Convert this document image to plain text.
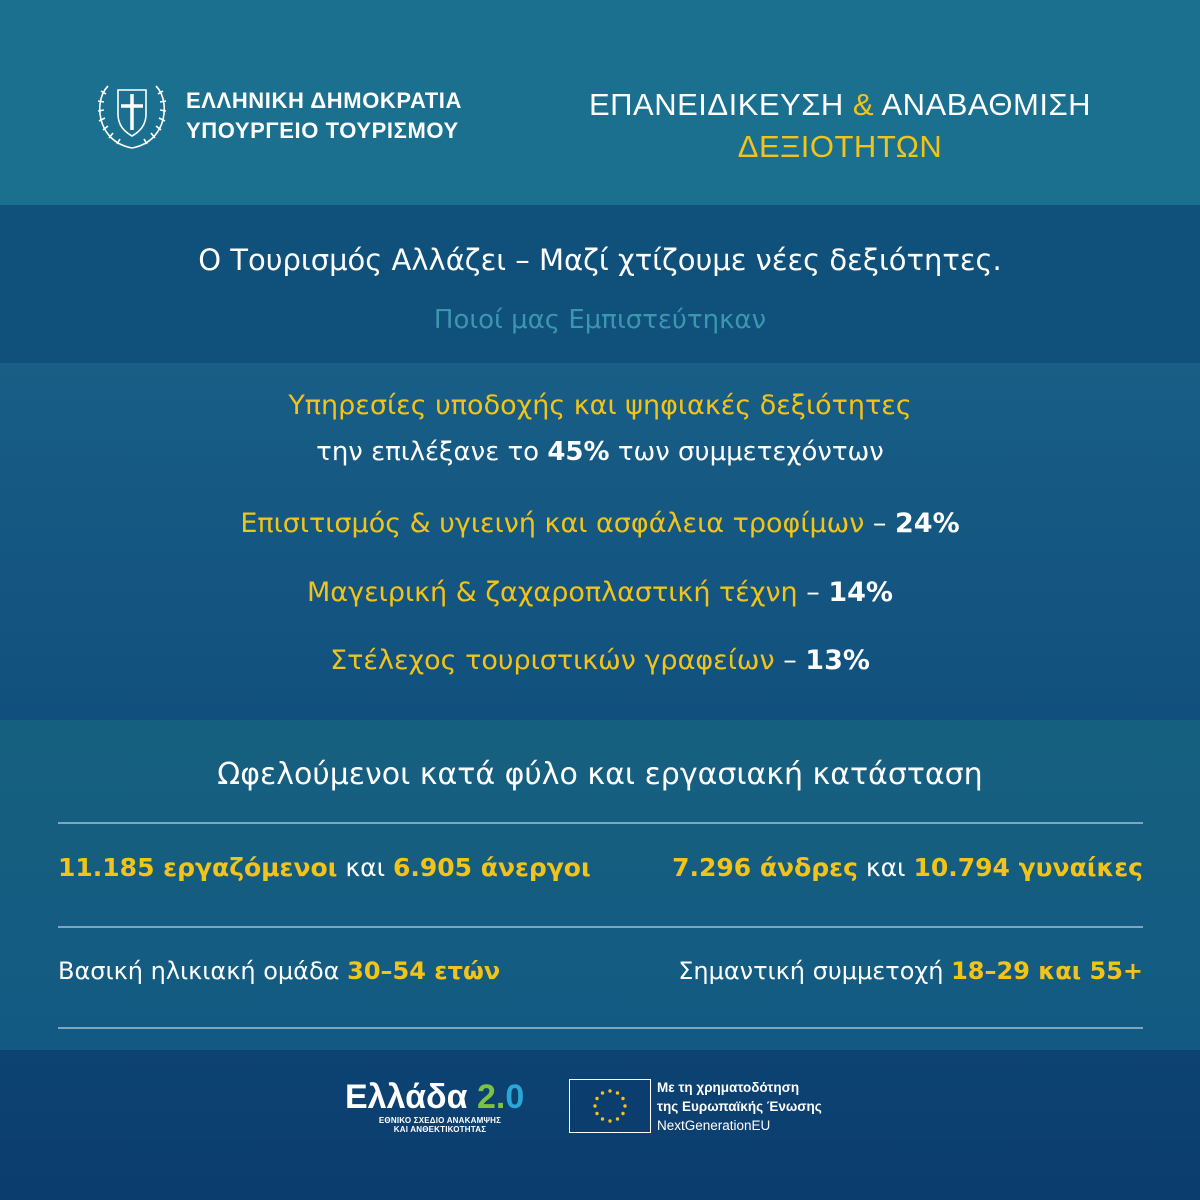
ΕΛΛΗΝΙΚΗ ΔΗΜΟΚΡΑΤΙΑ
ΥΠΟΥΡΓΕΙΟ ΤΟΥΡΙΣΜΟΥ
ΕΠΑΝΕΙΔΙΚΕΥΣΗ & ΑΝΑΒΑΘΜΙΣΗ
ΔΕΞΙΟΤΗΤΩΝ
Ο Τουρισμός Αλλάζει – Μαζί χτίζουμε νέες δεξιότητες.
Ποιοί μας Εμπιστεύτηκαν
Υπηρεσίες υποδοχής και ψηφιακές δεξιότητες
την επιλέξανε το 45% των συμμετεχόντων
Επισιτισμός & υγιεινή και ασφάλεια τροφίμων – 24%
Μαγειρική & ζαχαροπλαστική τέχνη – 14%
Στέλεχος τουριστικών γραφείων – 13%
Ωφελούμενοι κατά φύλο και εργασιακή κατάσταση
11.185 εργαζόμενοι και 6.905 άνεργοι	7.296 άνδρες και 10.794 γυναίκες
Βασική ηλικιακή ομάδα 30–54 ετών	Σημαντική συμμετοχή 18–29 και 55+
Ελλάδα 2.0
ΕΘΝΙΚΟ ΣΧΕΔΙΟ ΑΝΑΚΑΜΨΗΣ
ΚΑΙ ΑΝΘΕΚΤΙΚΟΤΗΤΑΣ
Με τη χρηματοδότηση
της Ευρωπαϊκής Ένωσης
NextGenerationEU
